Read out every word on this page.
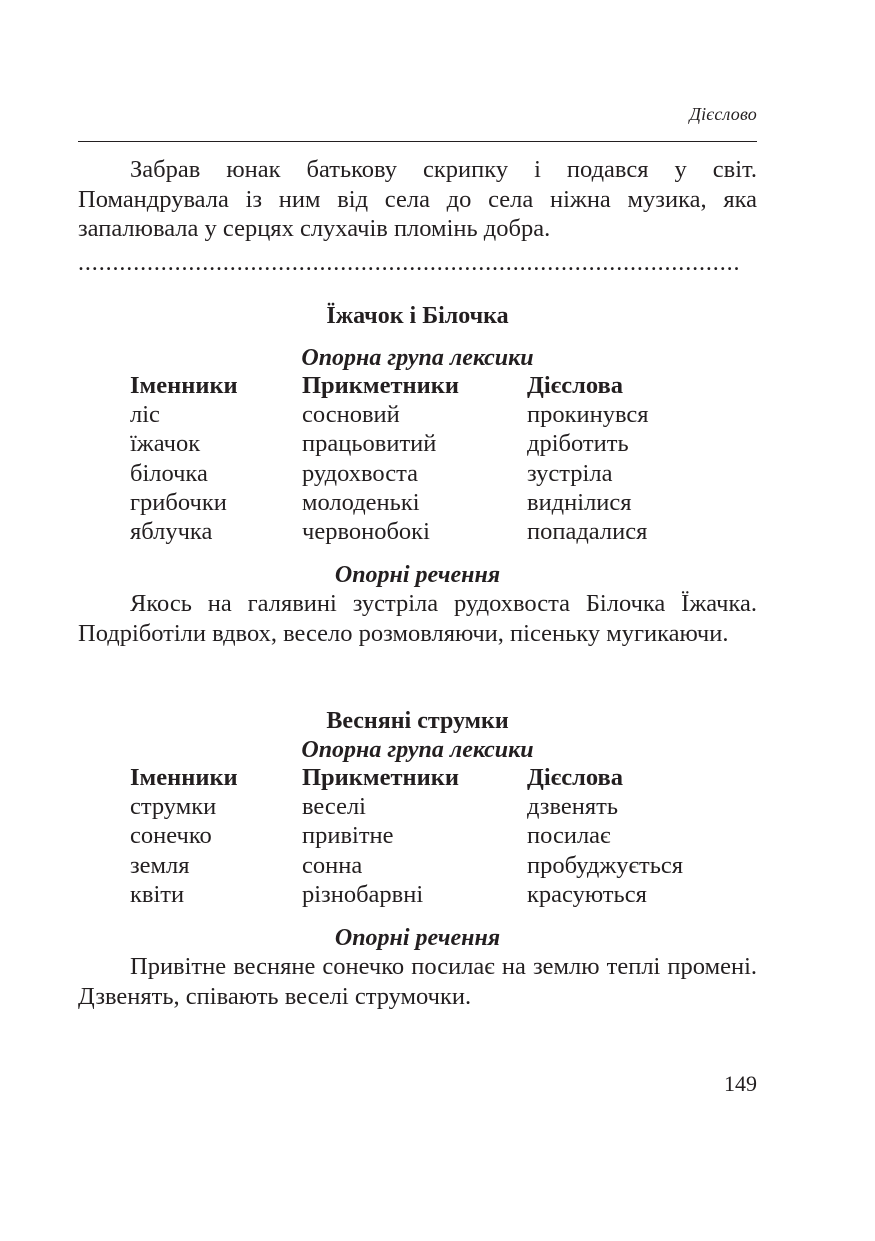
Дієслово

Забрав юнак батькову скрипку і подався у світ. Помандрувала із ним від села до села ніжна музика, яка запалювала у серцях слухачів пломінь добра.

................................................................................................
Їжачок і Білочка
Опорна група лексики
Іменники	Прикметники	Дієслова
ліс	сосновий	прокинувся
їжачок	працьовитий	дріботить
білочка	рудохвоста	зустріла
грибочки	молоденькі	виднілися
яблучка	червонобокі	попадалися
Опорні речення

Якось на галявині зустріла рудохвоста Білочка Їжачка. Подріботіли вдвох, весело розмовляючи, пісеньку мугикаючи.

Весняні струмки
Опорна група лексики
Іменники	Прикметники	Дієслова
струмки	веселі	дзвенять
сонечко	привітне	посилає
земля	сонна	пробуджується
квіти	різнобарвні	красуються
Опорні речення

Привітне весняне сонечко посилає на землю теплі промені. Дзвенять, співають веселі струмочки.

149
